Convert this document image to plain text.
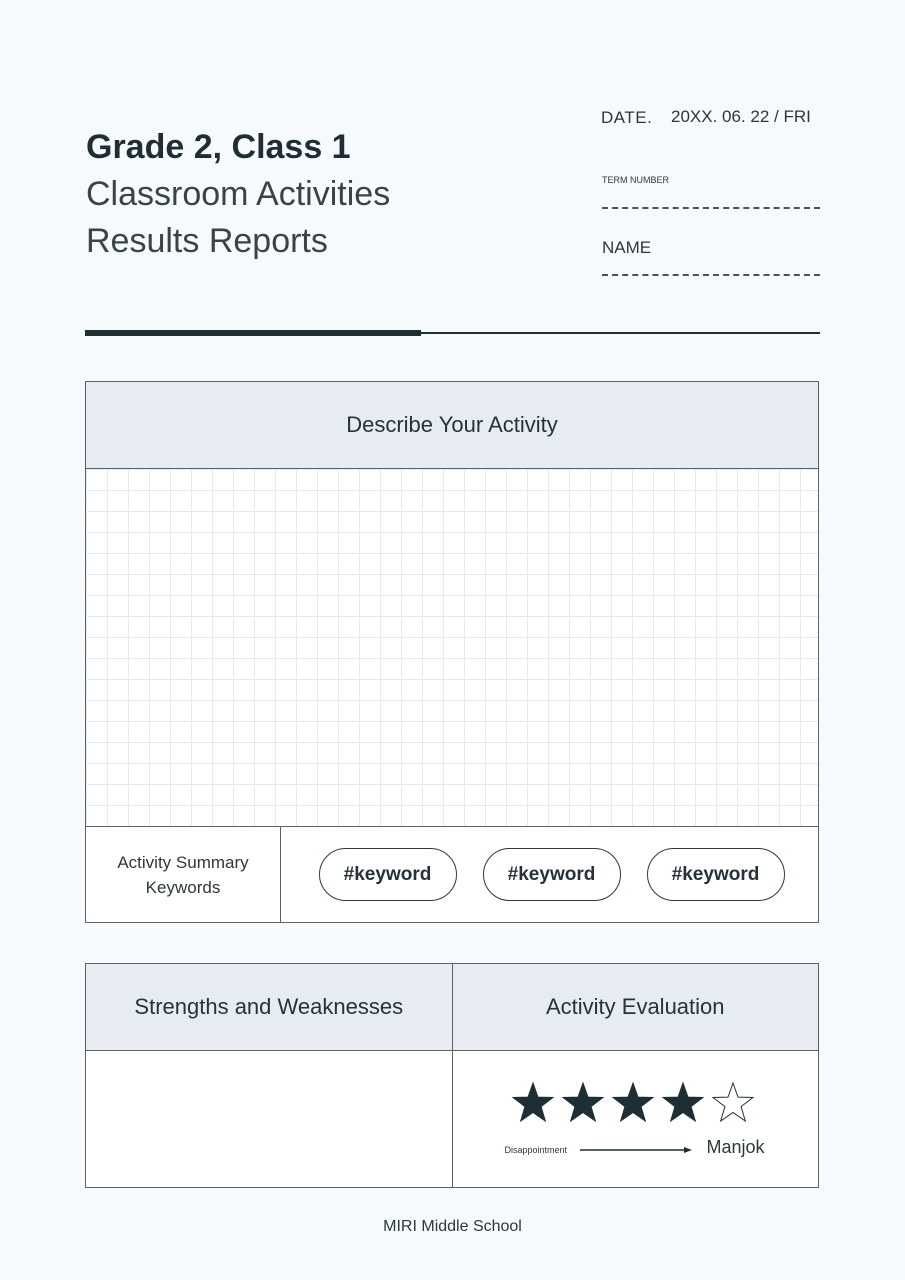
Grade 2, Class 1
Classroom Activities
Results Reports
DATE. 20XX. 06. 22 / FRI
TERM NUMBER
NAME
Describe Your Activity
Activity Summary
Keywords
#keyword	#keyword	#keyword
Strengths and Weaknesses	Activity Evaluation
Disappointment	Manjok
MIRI Middle School
